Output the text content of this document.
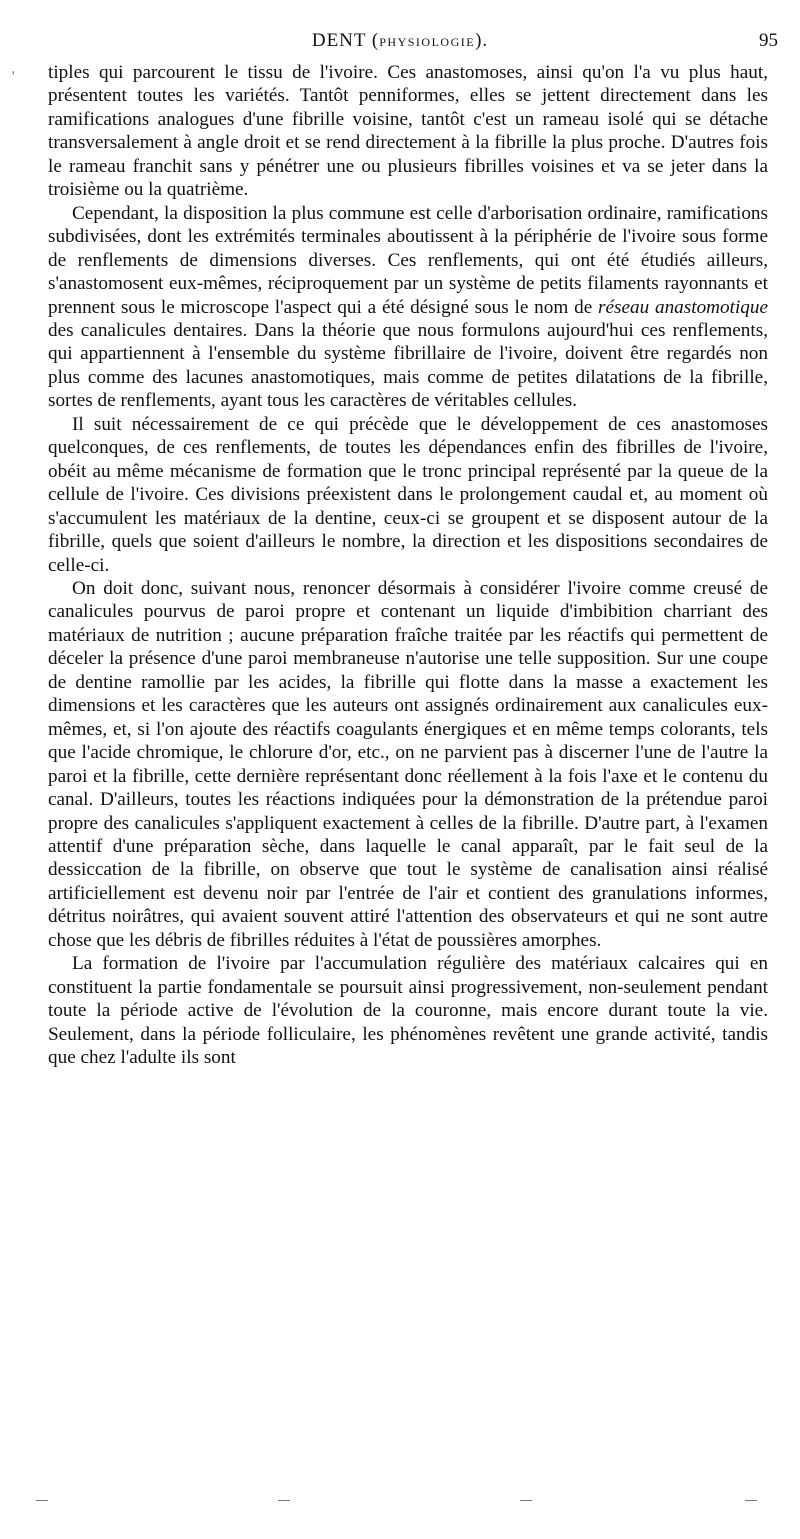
DENT (PHYSIOLOGIE).	95
' tiples qui parcourent le tissu de l'ivoire. Ces anastomoses, ainsi qu'on l'a vu plus haut, présentent toutes les variétés. Tantôt penniformes, elles se jettent directement dans les ramifications analogues d'une fibrille voisine, tantôt c'est un rameau isolé qui se détache transversalement à angle droit et se rend directement à la fibrille la plus proche. D'autres fois le rameau franchit sans y pénétrer une ou plusieurs fibrilles voisines et va se jeter dans la troisième ou la quatrième.

Cependant, la disposition la plus commune est celle d'arborisation ordinaire, ramifications subdivisées, dont les extrémités terminales aboutissent à la périphérie de l'ivoire sous forme de renflements de dimensions diverses. Ces renflements, qui ont été étudiés ailleurs, s'anastomosent eux-mêmes, réciproquement par un système de petits filaments rayonnants et prennent sous le microscope l'aspect qui a été désigné sous le nom de réseau anastomotique des canalicules dentaires. Dans la théorie que nous formulons aujourd'hui ces renflements, qui appartiennent à l'ensemble du système fibrillaire de l'ivoire, doivent être regardés non plus comme des lacunes anastomotiques, mais comme de petites dilatations de la fibrille, sortes de renflements, ayant tous les caractères de véritables cellules.

Il suit nécessairement de ce qui précède que le développement de ces anastomoses quelconques, de ces renflements, de toutes les dépendances enfin des fibrilles de l'ivoire, obéit au même mécanisme de formation que le tronc principal représenté par la queue de la cellule de l'ivoire. Ces divisions préexistent dans le prolongement caudal et, au moment où s'accumulent les matériaux de la dentine, ceux-ci se groupent et se disposent autour de la fibrille, quels que soient d'ailleurs le nombre, la direction et les dispositions secondaires de celle-ci.

On doit donc, suivant nous, renoncer désormais à considérer l'ivoire comme creusé de canalicules pourvus de paroi propre et contenant un liquide d'imbibition charriant des matériaux de nutrition ; aucune préparation fraîche traitée par les réactifs qui permettent de déceler la présence d'une paroi membraneuse n'autorise une telle supposition. Sur une coupe de dentine ramollie par les acides, la fibrille qui flotte dans la masse a exactement les dimensions et les caractères que les auteurs ont assignés ordinairement aux canalicules eux-mêmes, et, si l'on ajoute des réactifs coagulants énergiques et en même temps colorants, tels que l'acide chromique, le chlorure d'or, etc., on ne parvient pas à discerner l'une de l'autre la paroi et la fibrille, cette dernière représentant donc réellement à la fois l'axe et le contenu du canal. D'ailleurs, toutes les réactions indiquées pour la démonstration de la prétendue paroi propre des canalicules s'appliquent exactement à celles de la fibrille. D'autre part, à l'examen attentif d'une préparation sèche, dans laquelle le canal apparaît, par le fait seul de la dessiccation de la fibrille, on observe que tout le système de canalisation ainsi réalisé artificiellement est devenu noir par l'entrée de l'air et contient des granulations informes, détritus noirâtres, qui avaient souvent attiré l'attention des observateurs et qui ne sont autre chose que les débris de fibrilles réduites à l'état de poussières amorphes.

La formation de l'ivoire par l'accumulation régulière des matériaux calcaires qui en constituent la partie fondamentale se poursuit ainsi progressivement, non-seulement pendant toute la période active de l'évolution de la couronne, mais encore durant toute la vie. Seulement, dans la période folliculaire, les phénomènes revêtent une grande activité, tandis que chez l'adulte ils sont
